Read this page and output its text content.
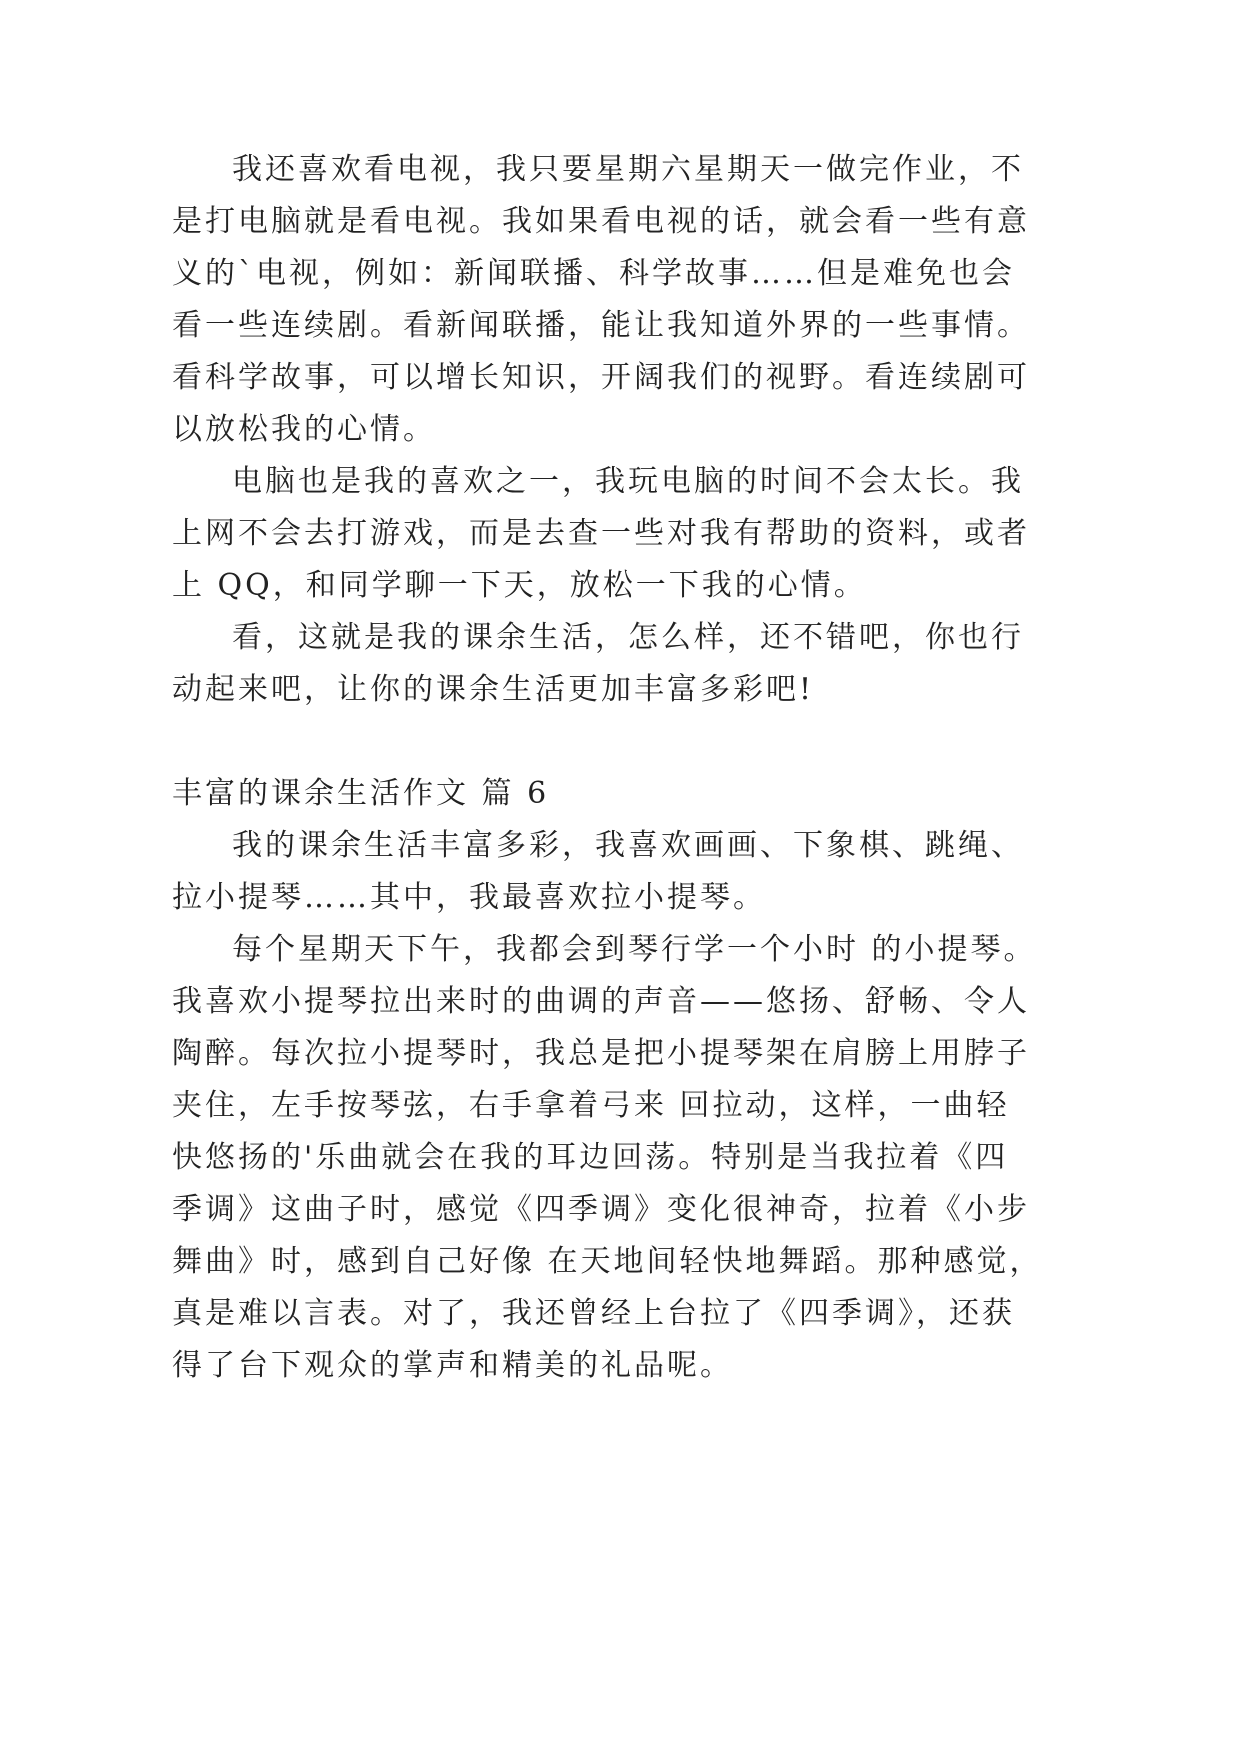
我还喜欢看电视，我只要星期六星期天一做完作业，不
是打电脑就是看电视。我如果看电视的话，就会看一些有意
义的`电视，例如：新闻联播、科学故事……但是难免也会
看一些连续剧。看新闻联播，能让我知道外界的一些事情。
看科学故事，可以增长知识，开阔我们的视野。看连续剧可
以放松我的心情。
电脑也是我的喜欢之一，我玩电脑的时间不会太长。我
上网不会去打游戏，而是去查一些对我有帮助的资料，或者
上 QQ，和同学聊一下天，放松一下我的心情。
看，这就是我的课余生活，怎么样，还不错吧，你也行
动起来吧，让你的课余生活更加丰富多彩吧!
丰富的课余生活作文 篇 6
我的课余生活丰富多彩，我喜欢画画、下象棋、跳绳、
拉小提琴……其中，我最喜欢拉小提琴。
每个星期天下午，我都会到琴行学一个小时 的小提琴。
我喜欢小提琴拉出来时的曲调的声音——悠扬、舒畅、令人
陶醉。每次拉小提琴时，我总是把小提琴架在肩膀上用脖子
夹住，左手按琴弦，右手拿着弓来 回拉动，这样，一曲轻
快悠扬的'乐曲就会在我的耳边回荡。特别是当我拉着《四
季调》这曲子时，感觉《四季调》变化很神奇，拉着《小步
舞曲》时，感到自己好像 在天地间轻快地舞蹈。那种感觉，
真是难以言表。对了，我还曾经上台拉了《四季调》，还获
得了台下观众的掌声和精美的礼品呢。
